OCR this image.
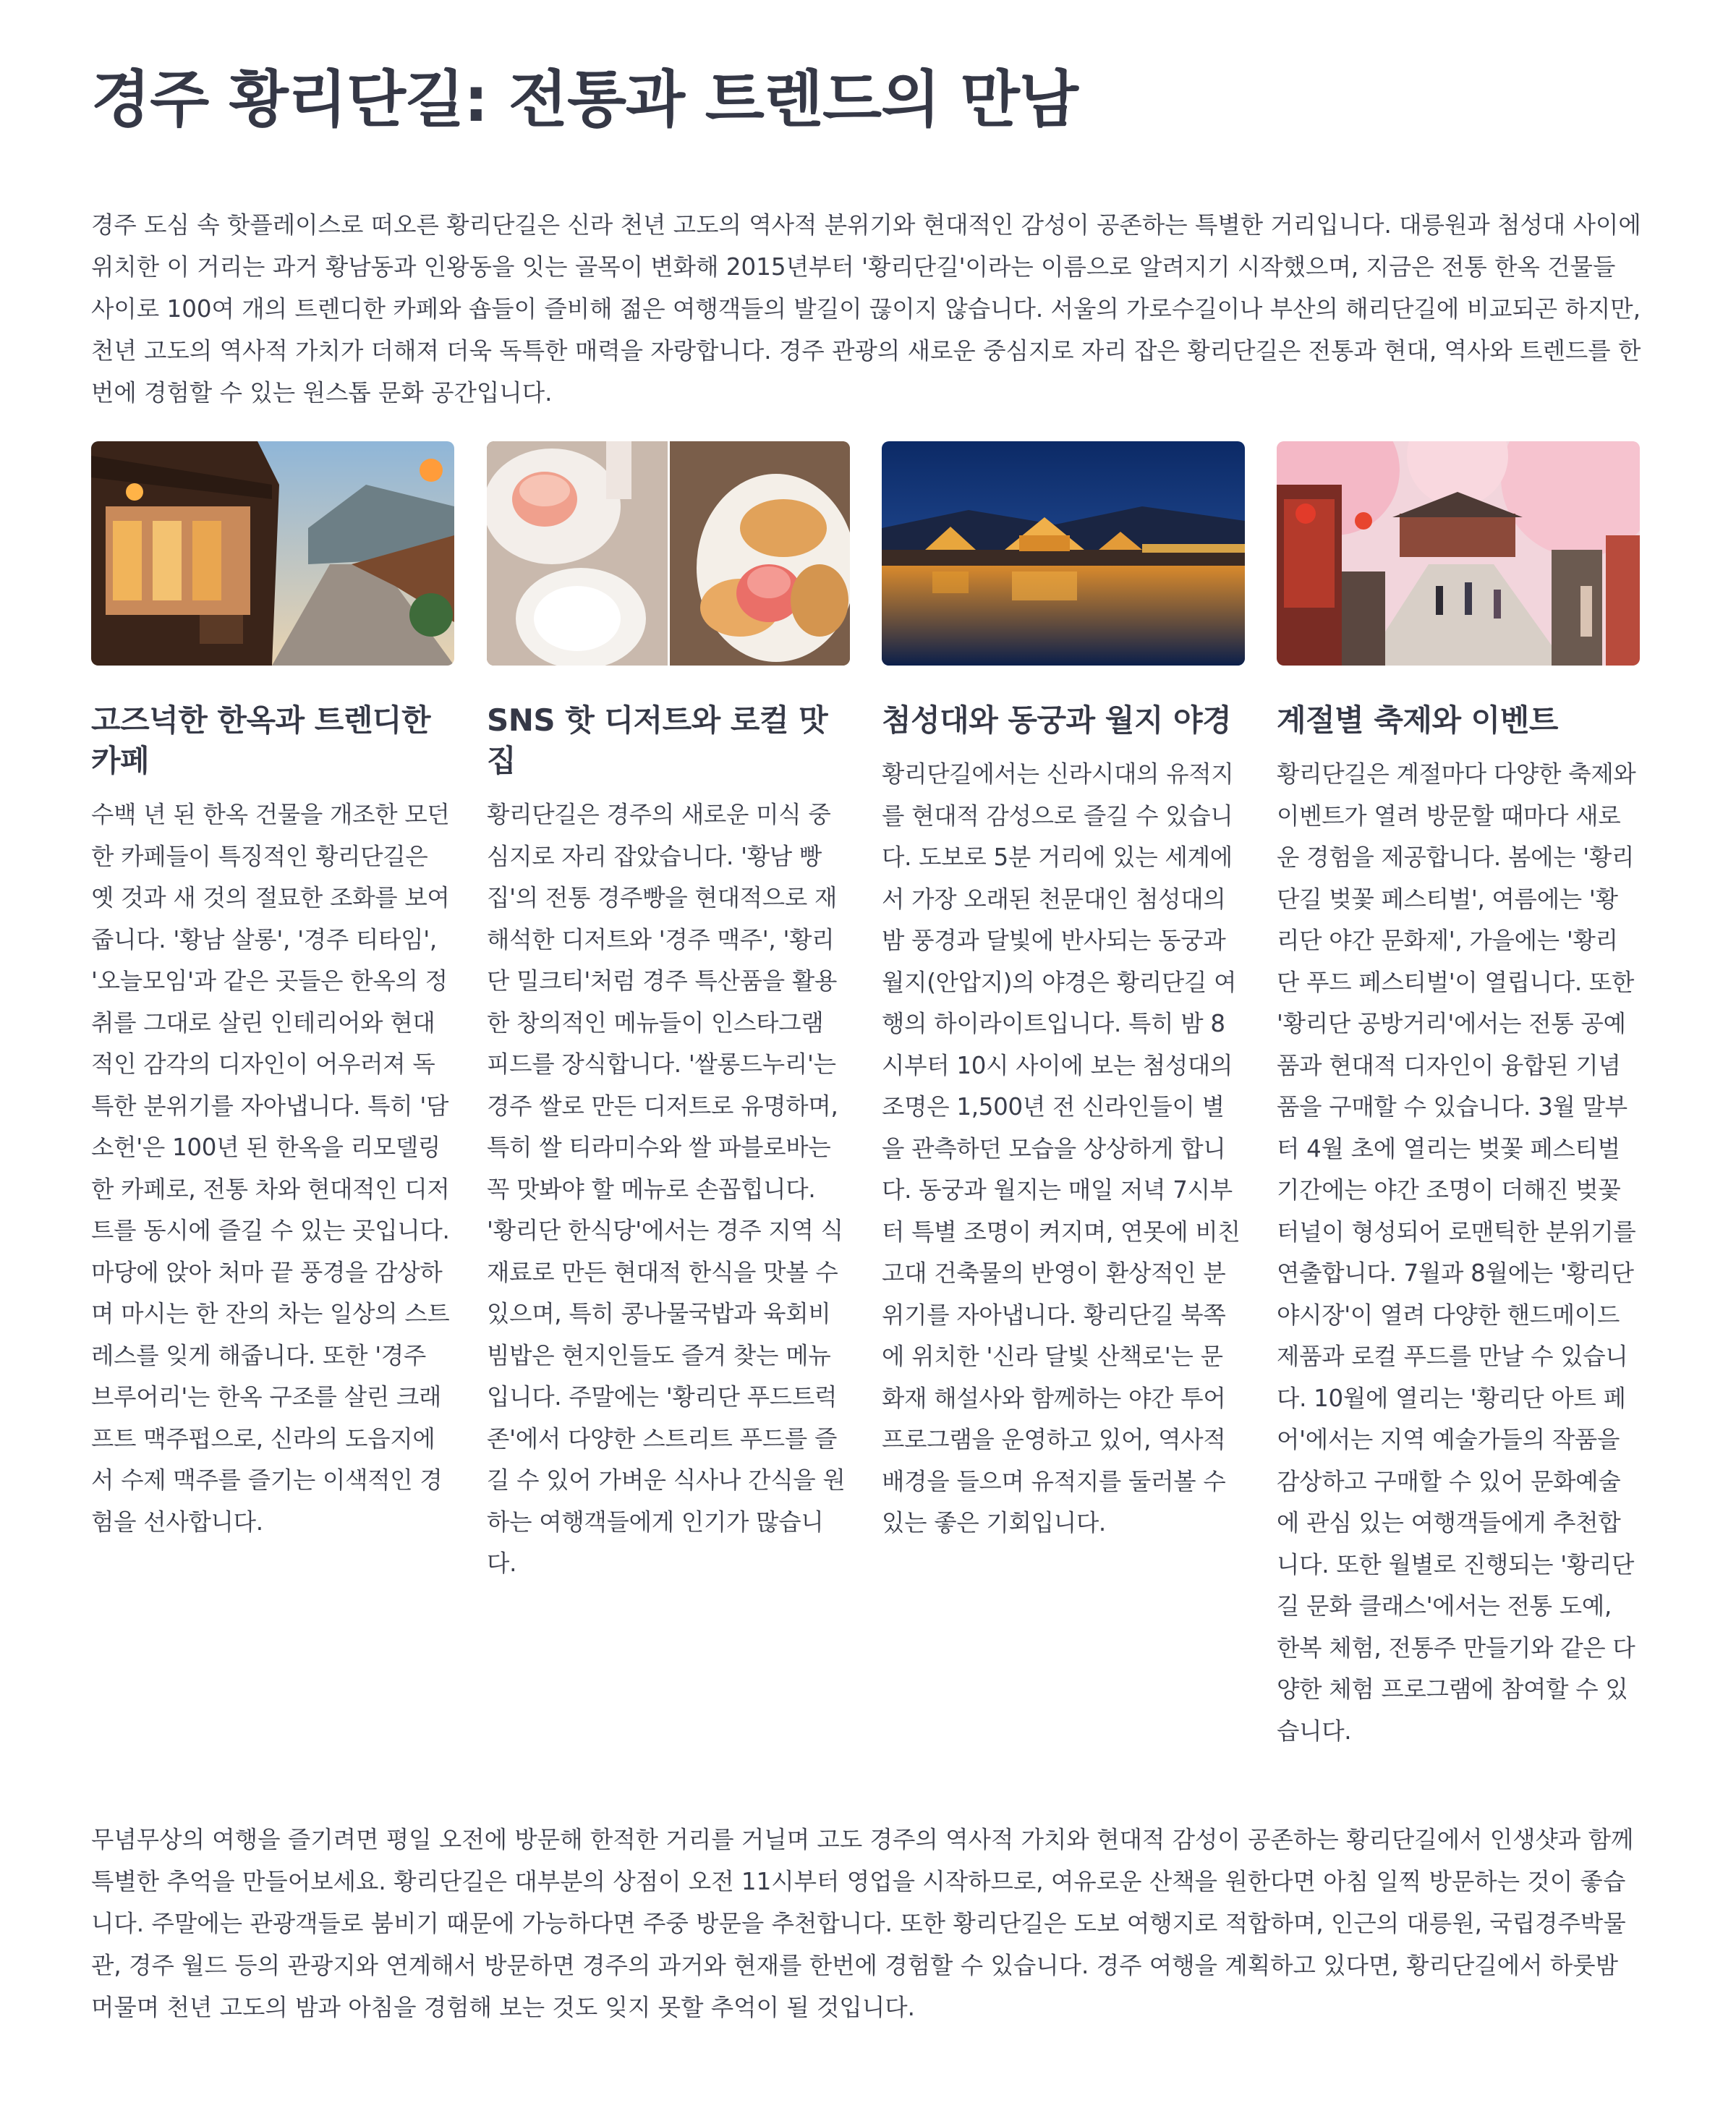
경주 황리단길: 전통과 트렌드의 만남

경주 도심 속 핫플레이스로 떠오른 황리단길은 신라 천년 고도의 역사적 분위기와 현대적인 감성이 공존하는 특별한 거리입니다. 대릉원과 첨성대 사이에 위치한 이 거리는 과거 황남동과 인왕동을 잇는 골목이 변화해 2015년부터 '황리단길'이라는 이름으로 알려지기 시작했으며, 지금은 전통 한옥 건물들 사이로 100여 개의 트렌디한 카페와 숍들이 즐비해 젊은 여행객들의 발길이 끊이지 않습니다. 서울의 가로수길이나 부산의 해리단길에 비교되곤 하지만, 천년 고도의 역사적 가치가 더해져 더욱 독특한 매력을 자랑합니다. 경주 관광의 새로운 중심지로 자리 잡은 황리단길은 전통과 현대, 역사와 트렌드를 한 번에 경험할 수 있는 원스톱 문화 공간입니다.

고즈넉한 한옥과 트렌디한 카페

수백 년 된 한옥 건물을 개조한 모던한 카페들이 특징적인 황리단길은 옛 것과 새 것의 절묘한 조화를 보여줍니다. '황남 살롱', '경주 티타임', '오늘모임'과 같은 곳들은 한옥의 정취를 그대로 살린 인테리어와 현대적인 감각의 디자인이 어우러져 독특한 분위기를 자아냅니다. 특히 '담소헌'은 100년 된 한옥을 리모델링한 카페로, 전통 차와 현대적인 디저트를 동시에 즐길 수 있는 곳입니다. 마당에 앉아 처마 끝 풍경을 감상하며 마시는 한 잔의 차는 일상의 스트레스를 잊게 해줍니다. 또한 '경주 브루어리'는 한옥 구조를 살린 크래프트 맥주펍으로, 신라의 도읍지에서 수제 맥주를 즐기는 이색적인 경험을 선사합니다.

SNS 핫 디저트와 로컬 맛집

황리단길은 경주의 새로운 미식 중심지로 자리 잡았습니다. '황남 빵집'의 전통 경주빵을 현대적으로 재해석한 디저트와 '경주 맥주', '황리단 밀크티'처럼 경주 특산품을 활용한 창의적인 메뉴들이 인스타그램 피드를 장식합니다. '쌀롱드누리'는 경주 쌀로 만든 디저트로 유명하며, 특히 쌀 티라미수와 쌀 파블로바는 꼭 맛봐야 할 메뉴로 손꼽힙니다. '황리단 한식당'에서는 경주 지역 식재료로 만든 현대적 한식을 맛볼 수 있으며, 특히 콩나물국밥과 육회비빔밥은 현지인들도 즐겨 찾는 메뉴입니다. 주말에는 '황리단 푸드트럭 존'에서 다양한 스트리트 푸드를 즐길 수 있어 가벼운 식사나 간식을 원하는 여행객들에게 인기가 많습니다.

첨성대와 동궁과 월지 야경

황리단길에서는 신라시대의 유적지를 현대적 감성으로 즐길 수 있습니다. 도보로 5분 거리에 있는 세계에서 가장 오래된 천문대인 첨성대의 밤 풍경과 달빛에 반사되는 동궁과 월지(안압지)의 야경은 황리단길 여행의 하이라이트입니다. 특히 밤 8시부터 10시 사이에 보는 첨성대의 조명은 1,500년 전 신라인들이 별을 관측하던 모습을 상상하게 합니다. 동궁과 월지는 매일 저녁 7시부터 특별 조명이 켜지며, 연못에 비친 고대 건축물의 반영이 환상적인 분위기를 자아냅니다. 황리단길 북쪽에 위치한 '신라 달빛 산책로'는 문화재 해설사와 함께하는 야간 투어 프로그램을 운영하고 있어, 역사적 배경을 들으며 유적지를 둘러볼 수 있는 좋은 기회입니다.

계절별 축제와 이벤트

황리단길은 계절마다 다양한 축제와 이벤트가 열려 방문할 때마다 새로운 경험을 제공합니다. 봄에는 '황리단길 벚꽃 페스티벌', 여름에는 '황리단 야간 문화제', 가을에는 '황리단 푸드 페스티벌'이 열립니다. 또한 '황리단 공방거리'에서는 전통 공예품과 현대적 디자인이 융합된 기념품을 구매할 수 있습니다. 3월 말부터 4월 초에 열리는 벚꽃 페스티벌 기간에는 야간 조명이 더해진 벚꽃 터널이 형성되어 로맨틱한 분위기를 연출합니다. 7월과 8월에는 '황리단 야시장'이 열려 다양한 핸드메이드 제품과 로컬 푸드를 만날 수 있습니다. 10월에 열리는 '황리단 아트 페어'에서는 지역 예술가들의 작품을 감상하고 구매할 수 있어 문화예술에 관심 있는 여행객들에게 추천합니다. 또한 월별로 진행되는 '황리단길 문화 클래스'에서는 전통 도예, 한복 체험, 전통주 만들기와 같은 다양한 체험 프로그램에 참여할 수 있습니다.

무념무상의 여행을 즐기려면 평일 오전에 방문해 한적한 거리를 거닐며 고도 경주의 역사적 가치와 현대적 감성이 공존하는 황리단길에서 인생샷과 함께 특별한 추억을 만들어보세요. 황리단길은 대부분의 상점이 오전 11시부터 영업을 시작하므로, 여유로운 산책을 원한다면 아침 일찍 방문하는 것이 좋습니다. 주말에는 관광객들로 붐비기 때문에 가능하다면 주중 방문을 추천합니다. 또한 황리단길은 도보 여행지로 적합하며, 인근의 대릉원, 국립경주박물관, 경주 월드 등의 관광지와 연계해서 방문하면 경주의 과거와 현재를 한번에 경험할 수 있습니다. 경주 여행을 계획하고 있다면, 황리단길에서 하룻밤 머물며 천년 고도의 밤과 아침을 경험해 보는 것도 잊지 못할 추억이 될 것입니다.
